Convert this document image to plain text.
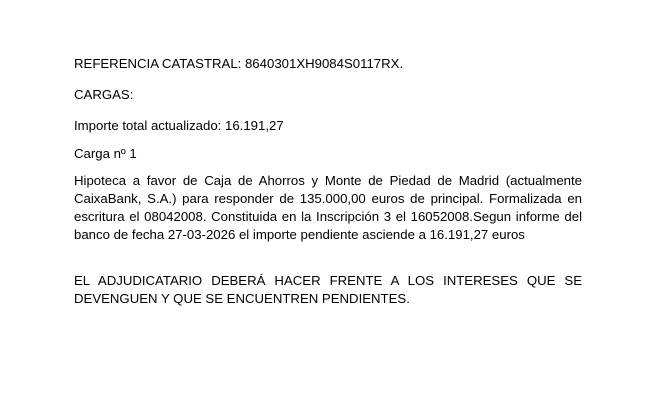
REFERENCIA CATASTRAL: 8640301XH9084S0117RX.

CARGAS:

Importe total actualizado: 16.191,27

Carga nº 1

Hipoteca a favor de Caja de Ahorros y Monte de Piedad de Madrid (actualmente
CaixaBank, S.A.) para responder de 135.000,00 euros de principal. Formalizada en
escritura el 08042008. Constituida en la Inscripción 3 el 16052008.Segun informe del
banco de fecha 27-03-2026 el importe pendiente asciende a 16.191,27 euros
EL ADJUDICATARIO DEBERÁ HACER FRENTE A LOS INTERESES QUE SE
DEVENGUEN Y QUE SE ENCUENTREN PENDIENTES.
